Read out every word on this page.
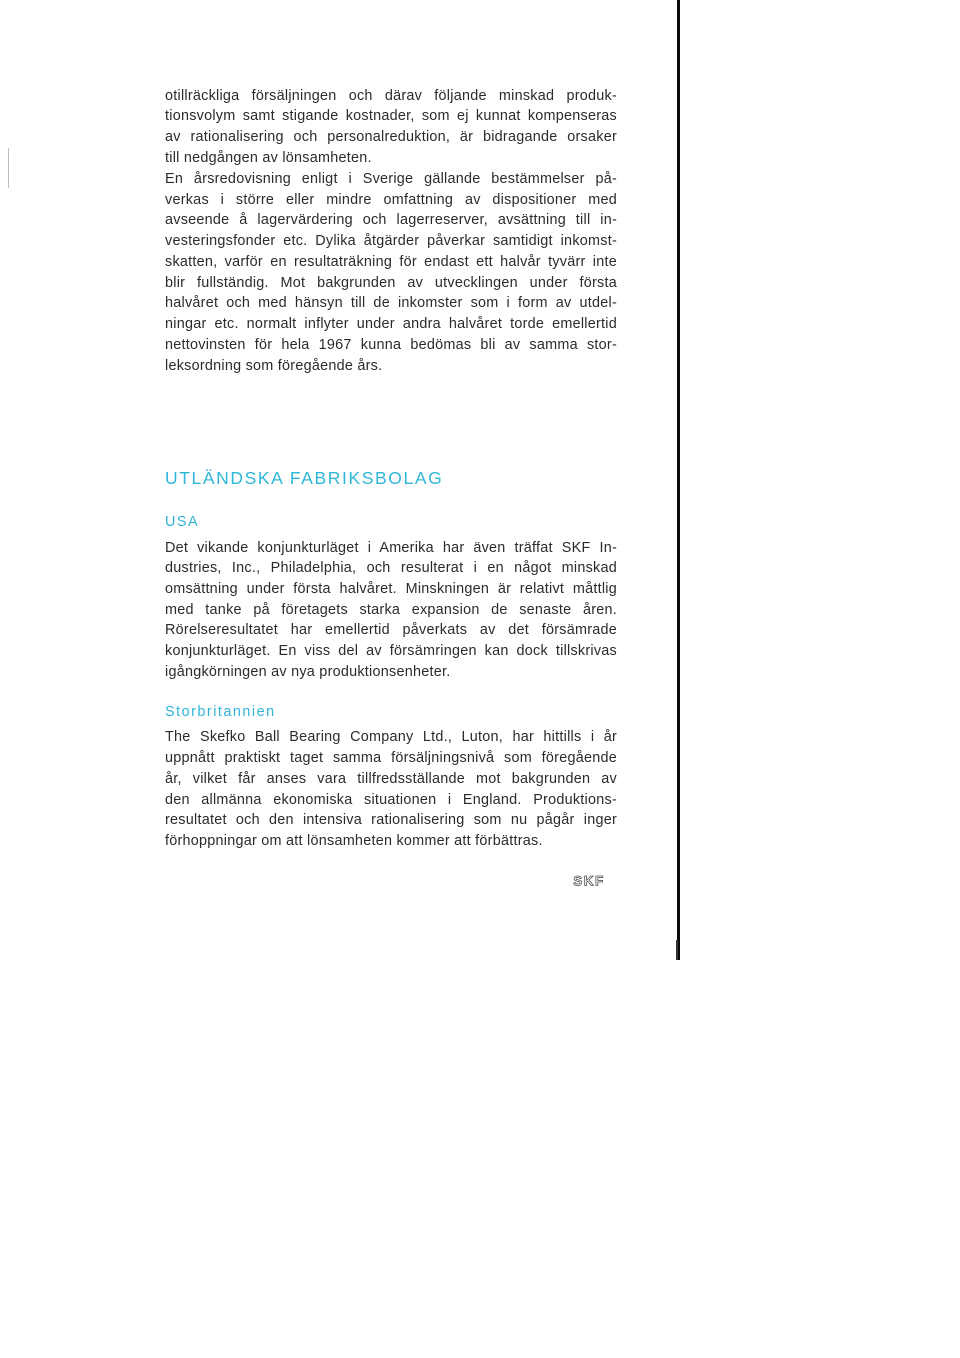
otillräckliga försäljningen och därav följande minskad produk-
tionsvolym samt stigande kostnader, som ej kunnat kompenseras
av rationalisering och personalreduktion, är bidragande orsaker
till nedgången av lönsamheten.
En årsredovisning enligt i Sverige gällande bestämmelser på-
verkas i större eller mindre omfattning av dispositioner med
avseende å lagervärdering och lagerreserver, avsättning till in-
vesteringsfonder etc. Dylika åtgärder påverkar samtidigt inkomst-
skatten, varför en resultaträkning för endast ett halvår tyvärr inte
blir fullständig. Mot bakgrunden av utvecklingen under första
halvåret och med hänsyn till de inkomster som i form av utdel-
ningar etc. normalt inflyter under andra halvåret torde emellertid
nettovinsten för hela 1967 kunna bedömas bli av samma stor-
leksordning som föregående års.
UTLÄNDSKA FABRIKSBOLAG
USA
Det vikande konjunkturläget i Amerika har även träffat SKF In-
dustries, Inc., Philadelphia, och resulterat i en något minskad
omsättning under första halvåret. Minskningen är relativt måttlig
med tanke på företagets starka expansion de senaste åren.
Rörelseresultatet har emellertid påverkats av det försämrade
konjunkturläget. En viss del av försämringen kan dock tillskrivas
igångkörningen av nya produktionsenheter.
Storbritannien
The Skefko Ball Bearing Company Ltd., Luton, har hittills i år
uppnått praktiskt taget samma försäljningsnivå som föregående
år, vilket får anses vara tillfredsställande mot bakgrunden av
den allmänna ekonomiska situationen i England. Produktions-
resultatet och den intensiva rationalisering som nu pågår inger
förhoppningar om att lönsamheten kommer att förbättras.
SKF
